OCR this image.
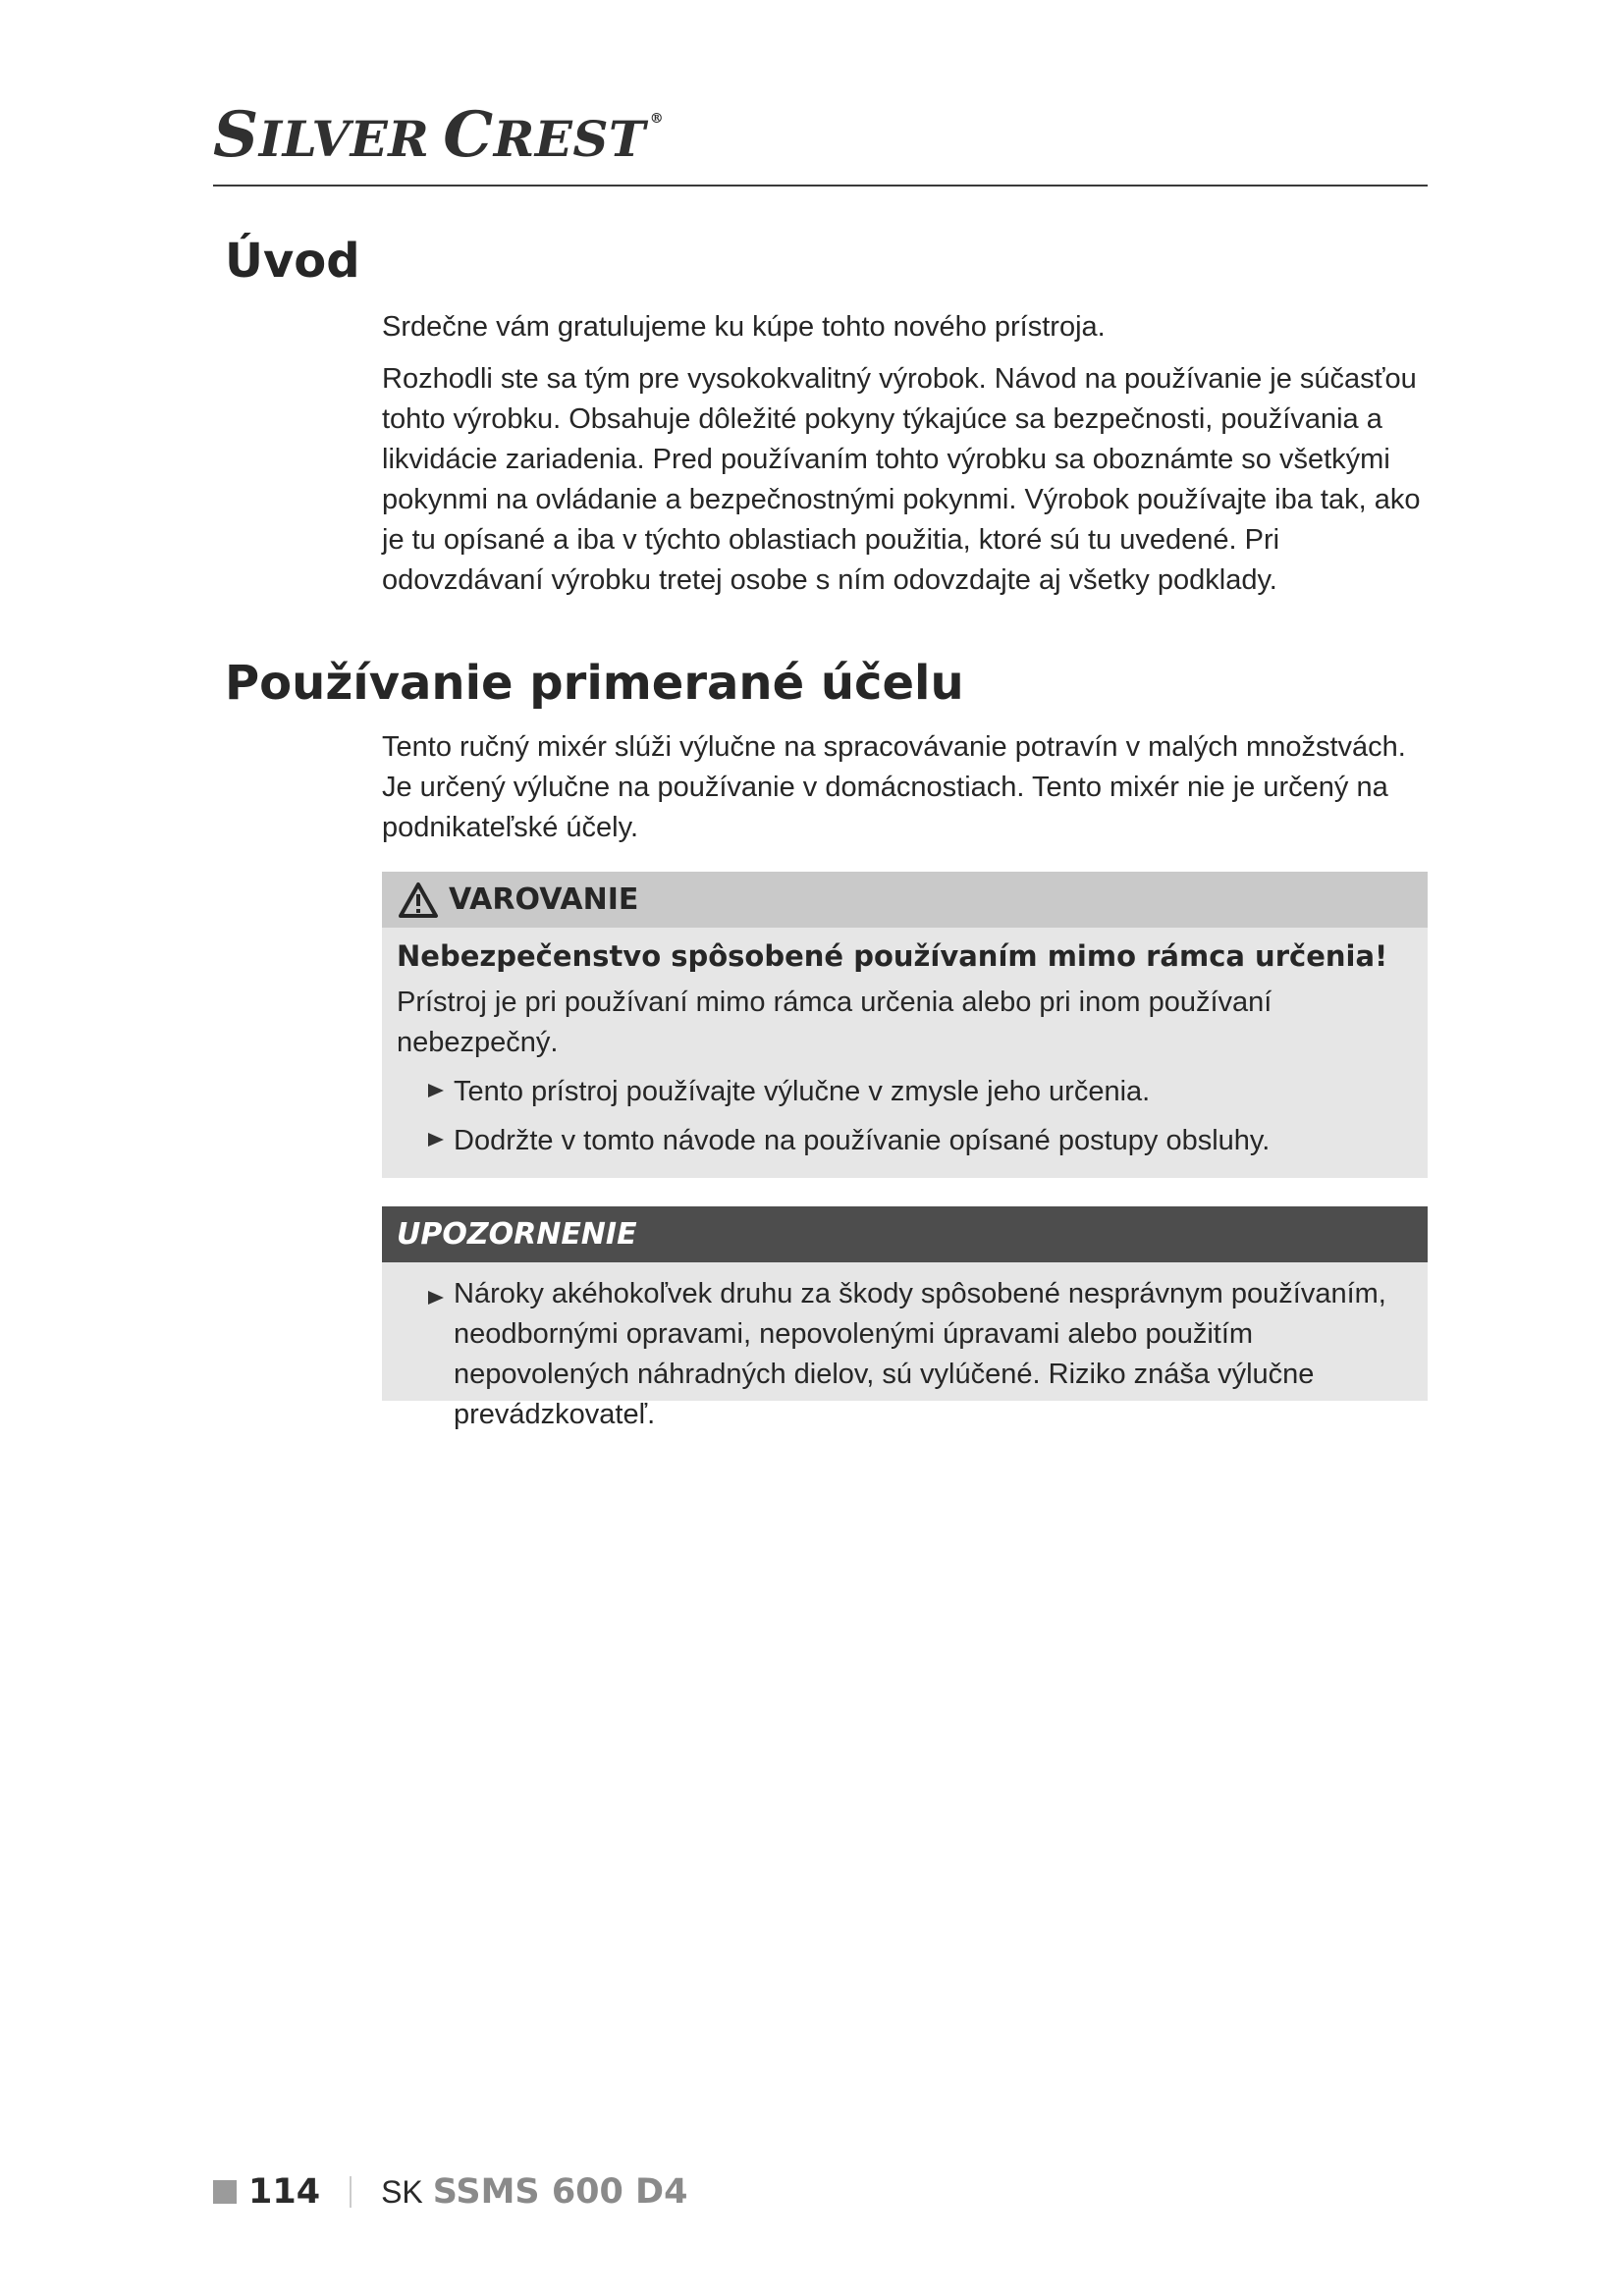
SILVER CREST ®
Úvod

Srdečne vám gratulujeme ku kúpe tohto nového prístroja.

Rozhodli ste sa tým pre vysokokvalitný výrobok. Návod na používanie je súčasťou tohto výrobku. Obsahuje dôležité pokyny týkajúce sa bezpečnosti, používania a likvidácie zariadenia. Pred používaním tohto výrobku sa oboznámte so všetkými pokynmi na ovládanie a bezpečnostnými pokynmi. Výrobok používajte iba tak, ako je tu opísané a iba v týchto oblastiach použitia, ktoré sú tu uvedené. Pri odovzdávaní výrobku tretej osobe s ním odovzdajte aj všetky podklady.

Používanie primerané účelu

Tento ručný mixér slúži výlučne na spracovávanie potravín v malých množstvách. Je určený výlučne na používanie v domácnostiach. Tento mixér nie je určený na podnikateľské účely.

VAROVANIE
Nebezpečenstvo spôsobené používaním mimo rámca určenia!

Prístroj je pri používaní mimo rámca určenia alebo pri inom používaní nebezpečný.

Tento prístroj používajte výlučne v zmysle jeho určenia.
Dodržte v tomto návode na používanie opísané postupy obsluhy.
UPOZORNENIE
Nároky akéhokoľvek druhu za škody spôsobené nesprávnym používaním, neodbornými opravami, nepovolenými úpravami alebo použitím nepovolených náhradných dielov, sú vylúčené. Riziko znáša výlučne prevádzkovateľ.
114 SK SSMS 600 D4
